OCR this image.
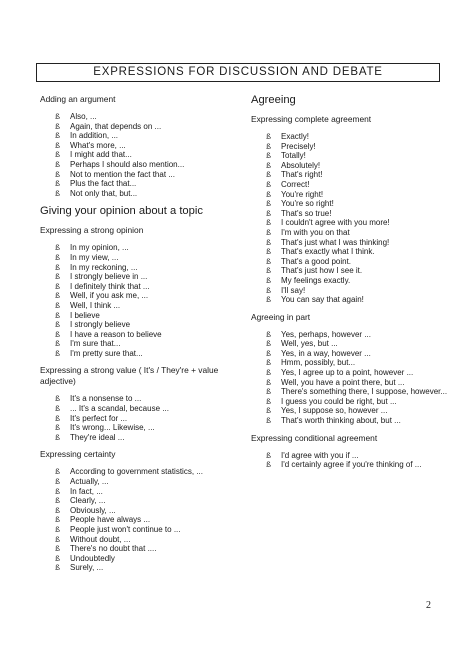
EXPRESSIONS FOR DISCUSSION AND DEBATE
Adding an argument
ß Also, ...
ß Again, that depends on ...
ß In addition, ...
ß What's more, ...
ß I might add that...
ß Perhaps I should also mention...
ß Not to mention the fact that ...
ß Plus the fact that...
ß Not only that, but...
Giving your opinion about a topic
Expressing a strong opinion
ß In my opinion, ...
ß In my view, ...
ß In my reckoning, ...
ß I strongly believe in ...
ß I definitely think that ...
ß Well, if you ask me, ...
ß Well, I think ...
ß I believe
ß I strongly believe
ß I have a reason to believe
ß I'm sure that...
ß I'm pretty sure that...
Expressing a strong value ( It's / They're + value
adjective)
ß It's a nonsense to ...
ß ... It's a scandal, because ...
ß It's perfect for ...
ß It's wrong... Likewise, ...
ß They're ideal ...
Expressing certainty
ß According to government statistics, ...
ß Actually, ...
ß In fact, ...
ß Clearly, ...
ß Obviously, ...
ß People have always ...
ß People just won't continue to ...
ß Without doubt, ...
ß There's no doubt that ....
ß Undoubtedly
ß Surely, ...
Agreeing
Expressing complete agreement
ß Exactly!
ß Precisely!
ß Totally!
ß Absolutely!
ß That's right!
ß Correct!
ß You're right!
ß You're so right!
ß That's so true!
ß I couldn't agree with you more!
ß I'm with you on that
ß That's just what I was thinking!
ß That's exactly what I think.
ß That's a good point.
ß That's just how I see it.
ß My feelings exactly.
ß I'll say!
ß You can say that again!
Agreeing in part
ß Yes, perhaps, however ...
ß Well, yes, but ...
ß Yes, in a way, however ...
ß Hmm, possibly, but...
ß Yes, I agree up to a point, however ...
ß Well, you have a point there, but ...
ß There's something there, I suppose, however...
ß I guess you could be right, but ...
ß Yes, I suppose so, however ...
ß That's worth thinking about, but ...
Expressing conditional agreement
ß I'd agree with you if ...
ß I'd certainly agree if you're thinking of ...
2
